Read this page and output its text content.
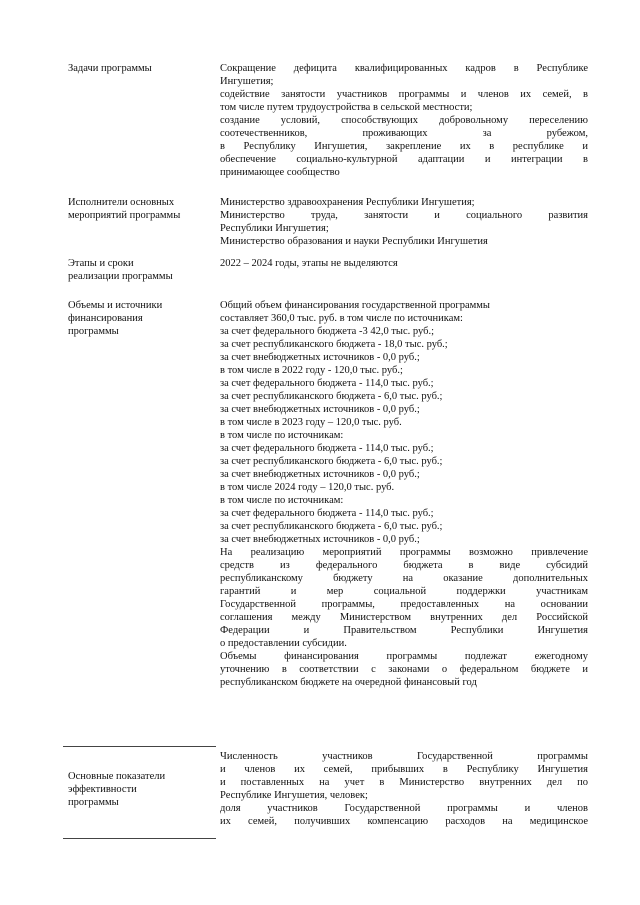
Задачи программы	Сокращение дефицита квалифицированных кадров в Республике
Ингушетия;
содействие занятости участников программы и членов их семей, в
том числе путем трудоустройства в сельской местности;
создание условий, способствующих добровольному переселению
соотечественников, проживающих за рубежом,
в Республику Ингушетия, закрепление их в республике и
обеспечение социально-культурной адаптации и интеграции в
принимающее сообщество
Исполнители основных
мероприятий программы
Министерство здравоохранения Республики Ингушетия;
Министерство труда, занятости и социального развития
Республики Ингушетия;
Министерство образования и науки Республики Ингушетия
Этапы и сроки
реализации программы
2022 – 2024 годы, этапы не выделяются
Объемы и источники
финансирования
программы
Общий объем финансирования государственной программы
составляет 360,0 тыс. руб. в том числе по источникам:
за счет федерального бюджета -3 42,0 тыс. руб.;
за счет республиканского бюджета - 18,0 тыс. руб.;
за счет внебюджетных источников - 0,0 руб.;
в том числе в 2022 году - 120,0 тыс. руб.;
за счет федерального бюджета - 114,0 тыс. руб.;
за счет республиканского бюджета - 6,0 тыс. руб.;
за счет внебюджетных источников - 0,0 руб.;
в том числе в 2023 году – 120,0 тыс. руб.
в том числе по источникам:
за счет федерального бюджета - 114,0 тыс. руб.;
за счет республиканского бюджета - 6,0 тыс. руб.;
за счет внебюджетных источников - 0,0 руб.;
в том числе 2024 году – 120,0 тыс. руб.
в том числе по источникам:
за счет федерального бюджета - 114,0 тыс. руб.;
за счет республиканского бюджета - 6,0 тыс. руб.;
за счет внебюджетных источников - 0,0 руб.;
На реализацию мероприятий программы возможно привлечение
средств из федерального бюджета в виде субсидий
республиканскому бюджету на оказание дополнительных
гарантий и мер социальной поддержки участникам
Государственной программы, предоставленных на основании
соглашения между Министерством внутренних дел Российской
Федерации и Правительством Республики Ингушетия
о предоставлении субсидии.
Объемы финансирования программы подлежат ежегодному
уточнению в соответствии с законами о федеральном бюджете и
республиканском бюджете на очередной финансовый год
Основные показатели
эффективности
программы
Численность участников Государственной программы
и членов их семей, прибывших в Республику Ингушетия
и поставленных на учет в Министерство внутренних дел по
Республике Ингушетия, человек;
доля участников Государственной программы и членов
их семей, получивших компенсацию расходов на медицинское
